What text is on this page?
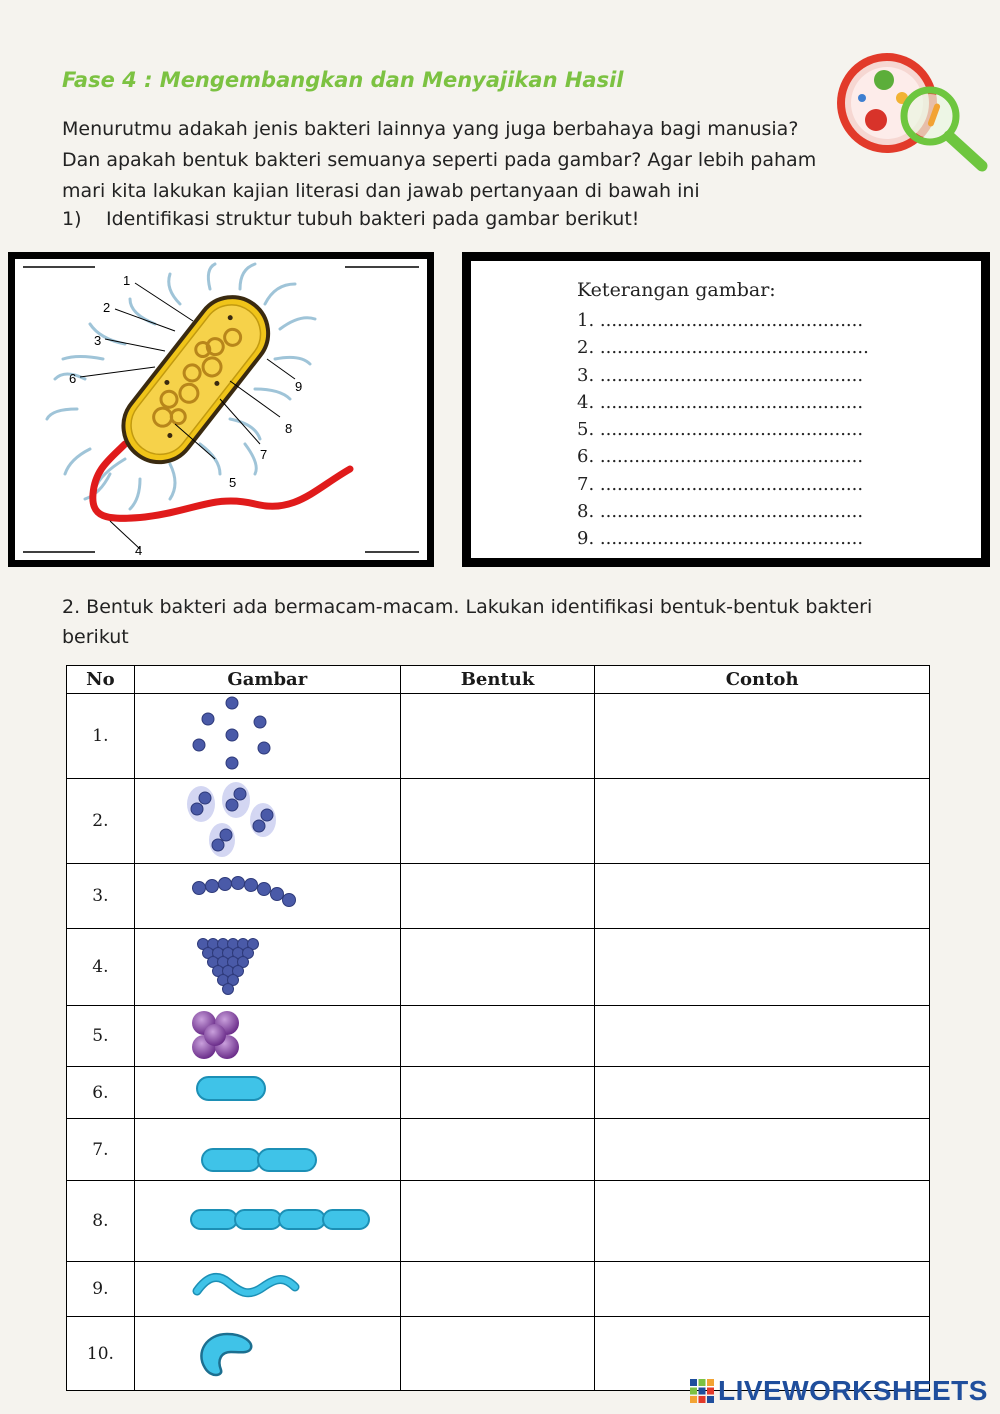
Fase 4 : Mengembangkan dan Menyajikan Hasil
Menurutmu adakah jenis bakteri lainnya yang juga berbahaya bagi manusia?
Dan apakah bentuk bakteri semuanya seperti pada gambar? Agar lebih paham
mari kita lakukan kajian literasi dan jawab pertanyaan di bawah ini
1) Identifikasi struktur tubuh bakteri pada gambar berikut!
1
2
3
6
9
8
7
5
4
Keterangan gambar:
1. ..............................................
2. ...............................................
3. ..............................................
4. ..............................................
5. ..............................................
6. ..............................................
7. ..............................................
8. ..............................................
9. ..............................................
2. Bentuk bakteri ada bermacam-macam. Lakukan identifikasi bentuk-bentuk bakteri berikut
No	Gambar	Bentuk	Contoh
1.	

2.	

3.	

4.	

5.	

6.	

7.	

8.	

9.	

10.	

LIVEWORKSHEETS
